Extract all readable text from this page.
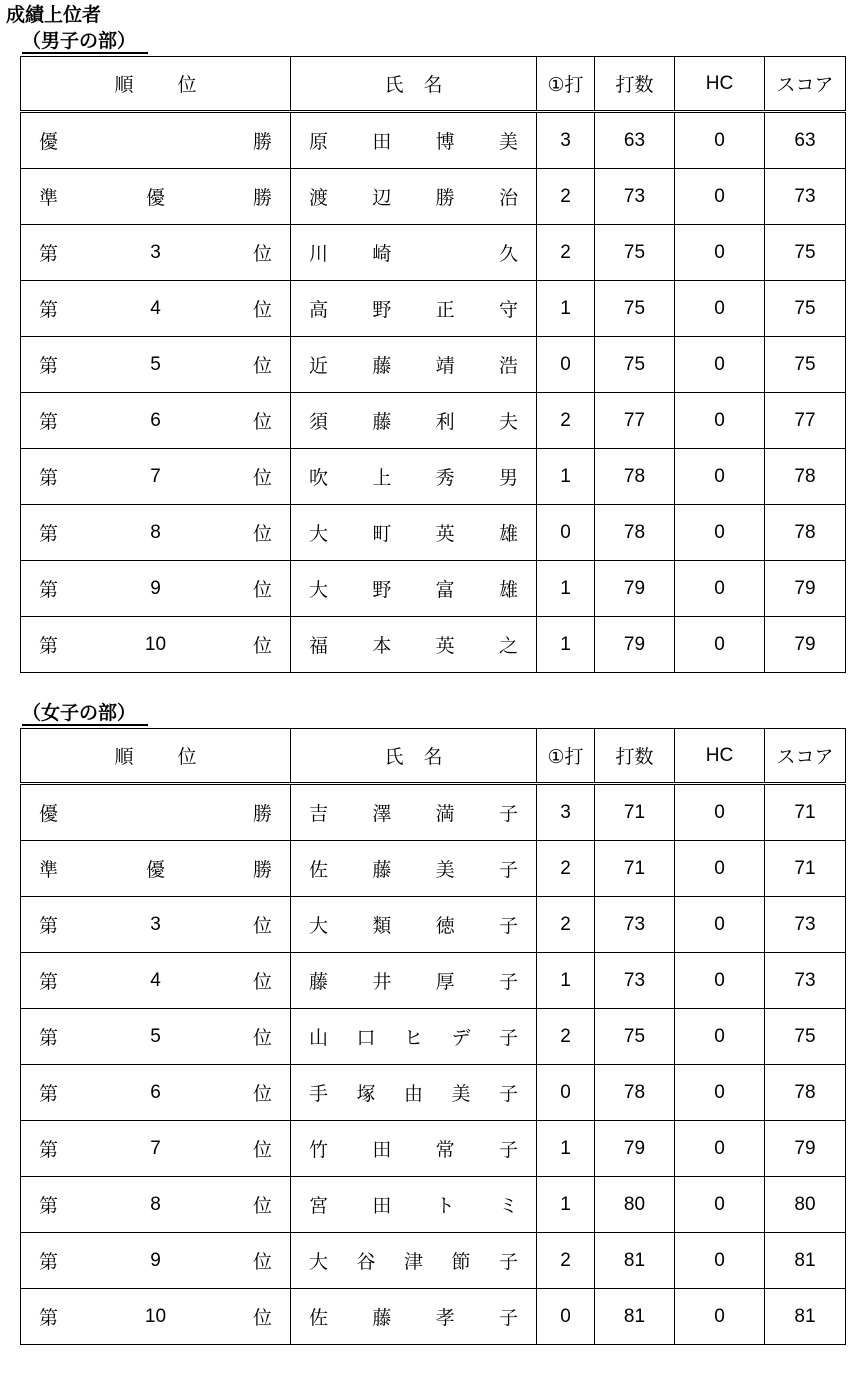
成績上位者
（男子の部）
順 位	氏 名	①打	打数	HC	スコア

優 勝	原 田 博 美	3	63	0	63

準 優 勝	渡 辺 勝 治	2	73	0	73

第 3 位	川 崎 久	2	75	0	75

第 4 位	高 野 正 守	1	75	0	75

第 5 位	近 藤 靖 浩	0	75	0	75

第 6 位	須 藤 利 夫	2	77	0	77

第 7 位	吹 上 秀 男	1	78	0	78

第 8 位	大 町 英 雄	0	78	0	78

第 9 位	大 野 富 雄	1	79	0	79

第 10 位	福 本 英 之	1	79	0	79
（女子の部）
順 位	氏 名	①打	打数	HC	スコア

優 勝	吉 澤 満 子	3	71	0	71

準 優 勝	佐 藤 美 子	2	71	0	71

第 3 位	大 類 徳 子	2	73	0	73

第 4 位	藤 井 厚 子	1	73	0	73

第 5 位	山 口 ヒ デ 子	2	75	0	75

第 6 位	手 塚 由 美 子	0	78	0	78

第 7 位	竹 田 常 子	1	79	0	79

第 8 位	宮 田 ト ミ	1	80	0	80

第 9 位	大 谷 津 節 子	2	81	0	81

第 10 位	佐 藤 孝 子	0	81	0	81
